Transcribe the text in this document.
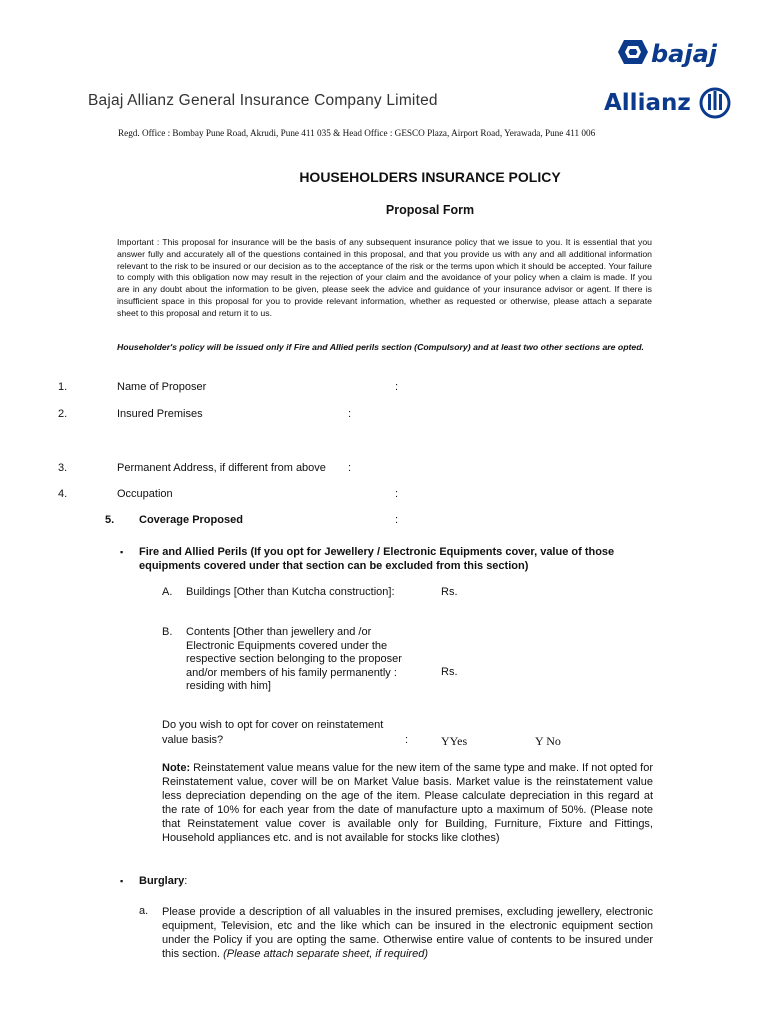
bajaj
Allianz
Bajaj Allianz General Insurance Company Limited
Regd. Office : Bombay Pune Road, Akrudi, Pune 411 035 & Head Office : GESCO Plaza, Airport Road, Yerawada, Pune 411 006
HOUSEHOLDERS INSURANCE POLICY
Proposal Form
Important : This proposal for insurance will be the basis of any subsequent insurance policy that we issue to you. It is essential that you answer fully and accurately all of the questions contained in this proposal, and that you provide us with any and all additional information relevant to the risk to be insured or our decision as to the acceptance of the risk or the terms upon which it should be accepted. Your failure to comply with this obligation now may result in the rejection of your claim and the avoidance of your policy when a claim is made. If you are in any doubt about the information to be given, please seek the advice and guidance of your insurance advisor or agent. If there is insufficient space in this proposal for you to provide relevant information, whether as requested or otherwise, please attach a separate sheet to this proposal and return it to us.
Householder's policy will be issued only if Fire and Allied perils section (Compulsory) and at least two other sections are opted.
1.	Name of Proposer	:
2.	Insured Premises	:
3.	Permanent Address, if different from above :
4.	Occupation	:
5. Coverage Proposed	:
▪ Fire and Allied Perils (If you opt for Jewellery / Electronic Equipments cover, value of those
equipments covered under that section can be excluded from this section)
A. Buildings [Other than Kutcha construction]:	Rs.
B. Contents [Other than jewellery and /or
Electronic Equipments covered under the
respective section belonging to the proposer
and/or members of his family permanently :
residing with him]
Rs.
Do you wish to opt for cover on reinstatement
value basis?	:	YYes	Y No
Note: Reinstatement value means value for the new item of the same type and make. If not opted for Reinstatement value, cover will be on Market Value basis. Market value is the reinstatement value less depreciation depending on the age of the item. Please calculate depreciation in this regard at the rate of 10% for each year from the date of manufacture upto a maximum of 50%. (Please note that Reinstatement value cover is available only for Building, Furniture, Fixture and Fittings, Household appliances etc. and is not available for stocks like clothes)
▪ Burglary:
a. Please provide a description of all valuables in the insured premises, excluding jewellery, electronic equipment, Television, etc and the like which can be insured in the electronic equipment section under the Policy if you are opting the same. Otherwise entire value of contents to be insured under this section. (Please attach separate sheet, if required)
